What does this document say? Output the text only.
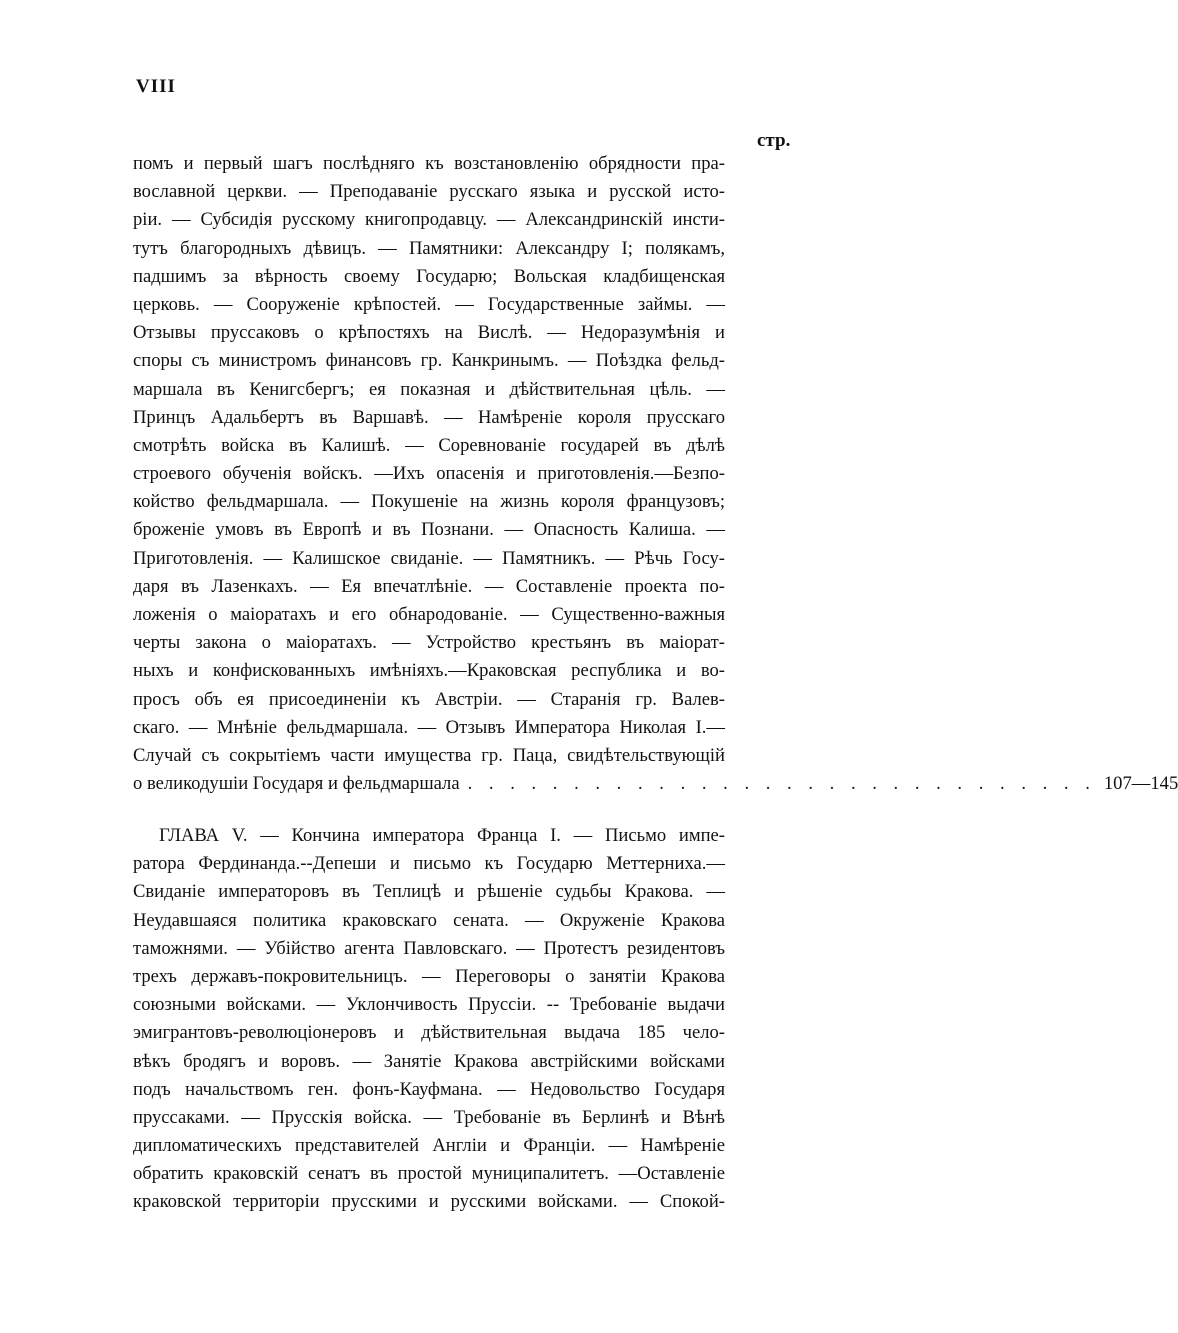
VIII
стр.
помъ и первый шагъ послѣдняго къ возстановленію обрядности пра-
вославной церкви. — Преподаваніе русскаго языка и русской исто-
ріи. — Субсидія русскому книгопродавцу. — Александринскій инсти-
тутъ благородныхъ дѣвицъ. — Памятники: Александру I; полякамъ,
падшимъ за вѣрность своему Государю; Вольская кладбищенская
церковь. — Сооруженіе крѣпостей. — Государственные займы. —
Отзывы пруссаковъ о крѣпостяхъ на Вислѣ. — Недоразумѣнія и
споры съ министромъ финансовъ гр. Канкринымъ. — Поѣздка фельд-
маршала въ Кенигсбергъ; ея показная и дѣйствительная цѣль. —
Принцъ Адальбертъ въ Варшавѣ. — Намѣреніе короля прусскаго
смотрѣть войска въ Калишѣ. — Соревнованіе государей въ дѣлѣ
строевого обученія войскъ. —Ихъ опасенія и приготовленія.—Безпо-
койство фельдмаршала. — Покушеніе на жизнь короля французовъ;
броженіе умовъ въ Европѣ и въ Познани. — Опасность Калиша. —
Приготовленія. — Калишское свиданіе. — Памятникъ. — Рѣчь Госу-
даря въ Лазенкахъ. — Ея впечатлѣніе. — Составленіе проекта по-
ложенія о маіоратахъ и его обнародованіе. — Существенно-важныя
черты закона о маіоратахъ. — Устройство крестьянъ въ маіорат-
ныхъ и конфискованныхъ имѣніяхъ.—Краковская республика и во-
просъ объ ея присоединеніи къ Австріи. — Старанія гр. Валев-
скаго. — Мнѣніе фельдмаршала. — Отзывъ Императора Николая I.—
Случай съ сокрытіемъ части имущества гр. Паца, свидѣтельствующій
о великодушіи Государя и фельдмаршала . . . . . . . . . . . . . . . . . . . . . . . . . . . . . . 107—145
ГЛАВА V. — Кончина императора Франца I. — Письмо импе-
ратора Фердинанда.--Депеши и письмо къ Государю Меттерниха.—
Свиданіе императоровъ въ Теплицѣ и рѣшеніе судьбы Кракова. —
Неудавшаяся политика краковскаго сената. — Окруженіе Кракова
таможнями. — Убійство агента Павловскаго. — Протестъ резидентовъ
трехъ державъ-покровительницъ. — Переговоры о занятіи Кракова
союзными войсками. — Уклончивость Пруссіи. -- Требованіе выдачи
эмигрантовъ-революціонеровъ и дѣйствительная выдача 185 чело-
вѣкъ бродягъ и воровъ. — Занятіе Кракова австрійскими войсками
подъ начальствомъ ген. фонъ-Кауфмана. — Недовольство Государя
пруссаками. — Прусскія войска. — Требованіе въ Берлинѣ и Вѣнѣ
дипломатическихъ представителей Англіи и Франціи. — Намѣреніе
обратить краковскій сенатъ въ простой муниципалитетъ. —Оставленіе
краковской территоріи прусскими и русскими войсками. — Спокой-
